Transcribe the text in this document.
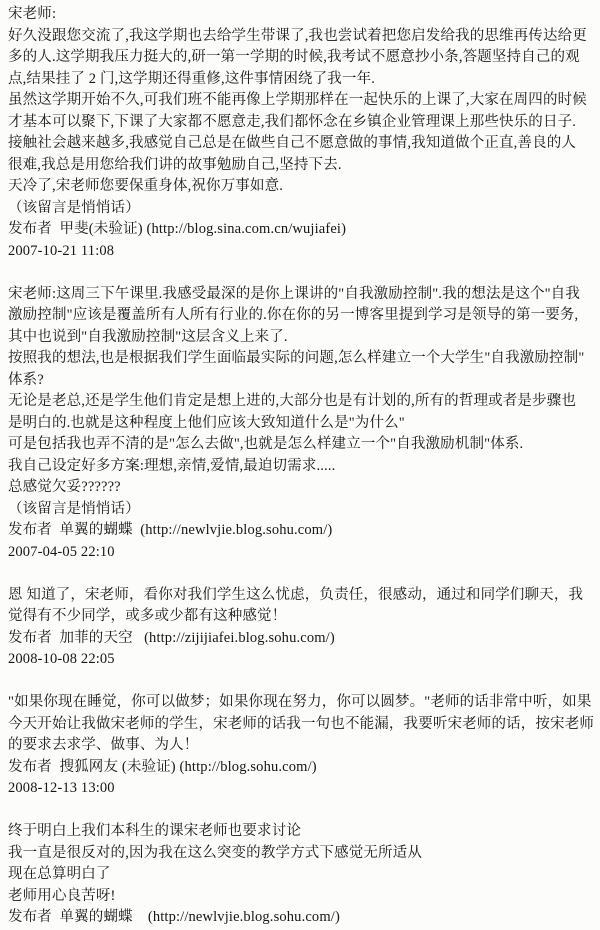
宋老师:
好久没跟您交流了,我这学期也去给学生带课了,我也尝试着把您启发给我的思维再传达给更
多的人.这学期我压力挺大的,研一第一学期的时候,我考试不愿意抄小条,答题坚持自己的观
点,结果挂了 2 门,这学期还得重修,这件事情困绕了我一年.
虽然这学期开始不久,可我们班不能再像上学期那样在一起快乐的上课了,大家在周四的时候
才基本可以聚下,下课了大家都不愿意走,我们都怀念在乡镇企业管理课上那些快乐的日子.
接触社会越来越多,我感觉自己总是在做些自己不愿意做的事情,我知道做个正直,善良的人
很难,我总是用您给我们讲的故事勉励自己,坚持下去.
天冷了,宋老师您要保重身体,祝你万事如意.
（该留言是悄悄话）
发布者  甲斐(未验证) (http://blog.sina.com.cn/wujiafei)
2007-10-21 11:08
宋老师:这周三下午课里.我感受最深的是你上课讲的"自我激励控制".我的想法是这个"自我
激励控制"应该是覆盖所有人所有行业的.你在你的另一博客里提到学习是领导的第一要务,
其中也说到"自我激励控制"这层含义上来了.
按照我的想法,也是根据我们学生面临最实际的问题,怎么样建立一个大学生"自我激励控制"
体系?
无论是老总,还是学生他们肯定是想上进的,大部分也是有计划的,所有的哲理或者是步骤也
是明白的.也就是这种程度上他们应该大致知道什么是"为什么"
可是包括我也弄不清的是"怎么去做",也就是怎么样建立一个"自我激励机制"体系.
我自己设定好多方案:理想,亲情,爱情,最迫切需求.....
总感觉欠妥??????
（该留言是悄悄话）
发布者  单翼的蝴蝶  (http://newlvjie.blog.sohu.com/)
2007-04-05 22:10
恩 知道了，宋老师，看你对我们学生这么忧虑，负责任，很感动，通过和同学们聊天，我
觉得有不少同学，或多或少都有这种感觉！
发布者  加菲的天空   (http://zijijiafei.blog.sohu.com/)
2008-10-08 22:05
"如果你现在睡觉，你可以做梦；如果你现在努力，你可以圆梦。"老师的话非常中听，如果
今天开始让我做宋老师的学生，宋老师的话我一句也不能漏，我要听宋老师的话，按宋老师
的要求去求学、做事、为人！
发布者  搜狐网友 (未验证) (http://blog.sohu.com/)
2008-12-13 13:00
终于明白上我们本科生的课宋老师也要求讨论
我一直是很反对的,因为我在这么突变的教学方式下感觉无所适从
现在总算明白了
老师用心良苦呀!
发布者  单翼的蝴蝶    (http://newlvjie.blog.sohu.com/)
